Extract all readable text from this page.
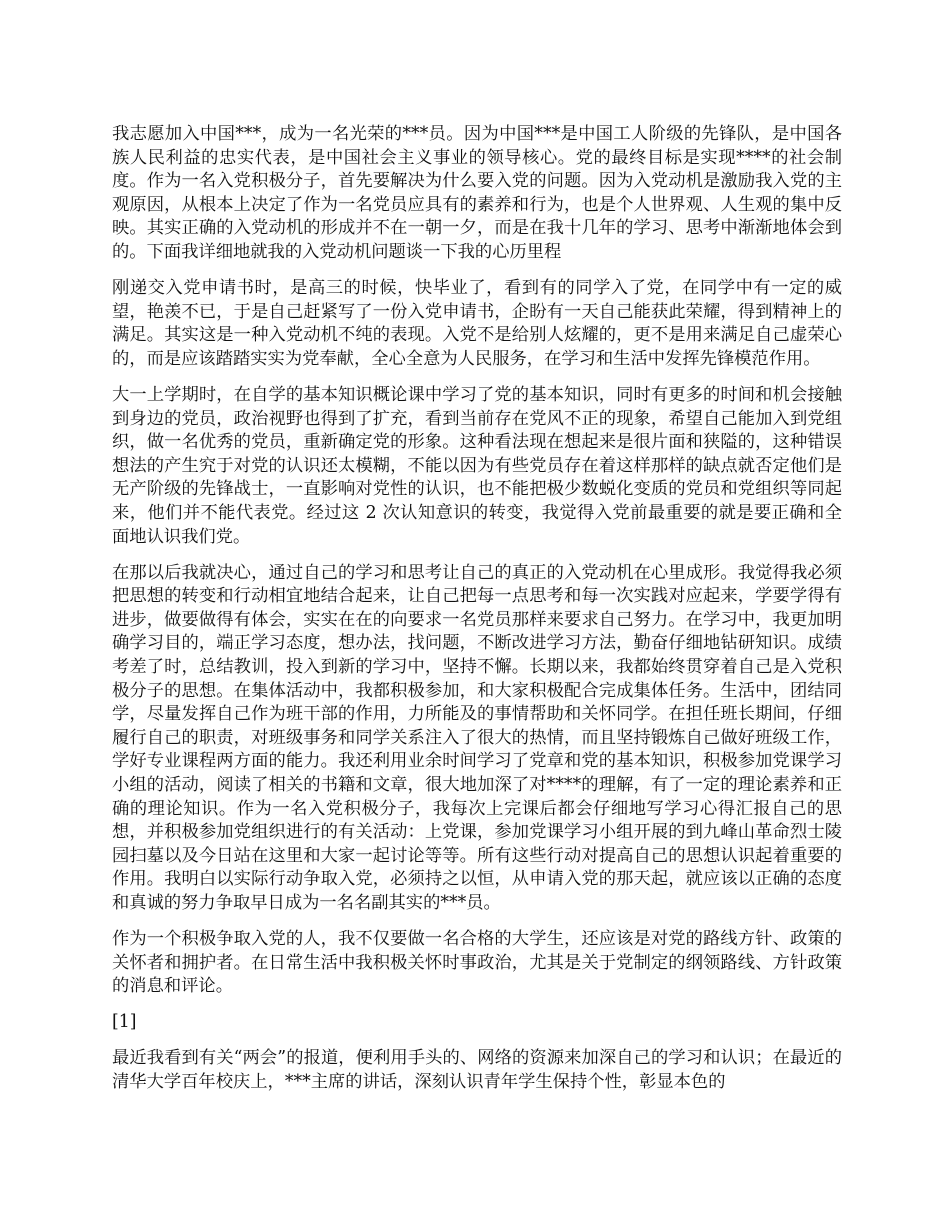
我志愿加入中国***，成为一名光荣的***员。因为中国***是中国工人阶级的先锋队，是中国各族人民利益的忠实代表，是中国社会主义事业的领导核心。党的最终目标是实现****的社会制度。作为一名入党积极分子，首先要解决为什么要入党的问题。因为入党动机是激励我入党的主观原因，从根本上决定了作为一名党员应具有的素养和行为，也是个人世界观、人生观的集中反映。其实正确的入党动机的形成并不在一朝一夕，而是在我十几年的学习、思考中渐渐地体会到的。下面我详细地就我的入党动机问题谈一下我的心历里程

刚递交入党申请书时，是高三的时候，快毕业了，看到有的同学入了党，在同学中有一定的威望，艳羡不已，于是自己赶紧写了一份入党申请书，企盼有一天自己能获此荣耀，得到精神上的满足。其实这是一种入党动机不纯的表现。入党不是给别人炫耀的，更不是用来满足自己虚荣心的，而是应该踏踏实实为党奉献，全心全意为人民服务，在学习和生活中发挥先锋模范作用。

大一上学期时，在自学的基本知识概论课中学习了党的基本知识，同时有更多的时间和机会接触到身边的党员，政治视野也得到了扩充，看到当前存在党风不正的现象，希望自己能加入到党组织，做一名优秀的党员，重新确定党的形象。这种看法现在想起来是很片面和狭隘的，这种错误想法的产生究于对党的认识还太模糊，不能以因为有些党员存在着这样那样的缺点就否定他们是无产阶级的先锋战士，一直影响对党性的认识，也不能把极少数蜕化变质的党员和党组织等同起来，他们并不能代表党。经过这 2 次认知意识的转变，我觉得入党前最重要的就是要正确和全面地认识我们党。

在那以后我就决心，通过自己的学习和思考让自己的真正的入党动机在心里成形。我觉得我必须把思想的转变和行动相宜地结合起来，让自己把每一点思考和每一次实践对应起来，学要学得有进步，做要做得有体会，实实在在的向要求一名党员那样来要求自己努力。在学习中，我更加明确学习目的，端正学习态度，想办法，找问题，不断改进学习方法，勤奋仔细地钻研知识。成绩考差了时，总结教训，投入到新的学习中，坚持不懈。长期以来，我都始终贯穿着自己是入党积极分子的思想。在集体活动中，我都积极参加，和大家积极配合完成集体任务。生活中，团结同学，尽量发挥自己作为班干部的作用，力所能及的事情帮助和关怀同学。在担任班长期间，仔细履行自己的职责，对班级事务和同学关系注入了很大的热情，而且坚持锻炼自己做好班级工作，学好专业课程两方面的能力。我还利用业余时间学习了党章和党的基本知识，积极参加党课学习小组的活动，阅读了相关的书籍和文章，很大地加深了对****的理解，有了一定的理论素养和正确的理论知识。作为一名入党积极分子，我每次上完课后都会仔细地写学习心得汇报自己的思想，并积极参加党组织进行的有关活动：上党课，参加党课学习小组开展的到九峰山革命烈士陵园扫墓以及今日站在这里和大家一起讨论等等。所有这些行动对提高自己的思想认识起着重要的作用。我明白以实际行动争取入党，必须持之以恒，从申请入党的那天起，就应该以正确的态度和真诚的努力争取早日成为一名名副其实的***员。

作为一个积极争取入党的人，我不仅要做一名合格的大学生，还应该是对党的路线方针、政策的关怀者和拥护者。在日常生活中我积极关怀时事政治，尤其是关于党制定的纲领路线、方针政策的消息和评论。

[1]

最近我看到有关“两会”的报道，便利用手头的、网络的资源来加深自己的学习和认识；在最近的清华大学百年校庆上，***主席的讲话，深刻认识青年学生保持个性，彰显本色的
